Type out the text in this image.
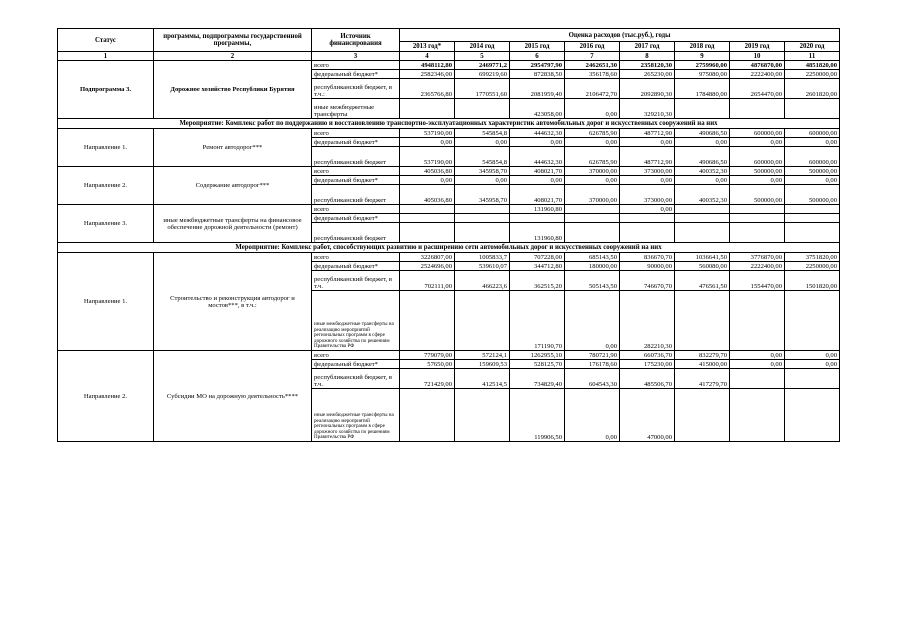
Статус	программы, подпрограммы государственной программы,	Источник финансирования	Оценка расходов (тыс.руб.), годы							
			2013 год*	2014 год	2015 год	2016 год	2017 год	2018 год	2019 год	2020 год
1	2	3	4	5	6	7	8	9	10	11
Подпрограмма 3.	Дорожное хозяйство Республики Бурятия	всего	4948112,80	2469771,2	2954797,90	2462651,30	2358120,30	2759960,00	4876870,00	4851820,00
		федеральный бюджет*	2582346,00	699219,60	872838,50	356178,60	265230,00	975080,00	2222400,00	2250000,00
		республиканский бюджет, в т.ч.:	2365766,80	1770551,60	2081959,40	2106472,70	2092890,30	1784880,00	2654470,00	2601820,00
		иные межбюджетные трансферты			423058,00	0,00	329210,30			
Мероприятие: Комплекс работ по поддержанию и восстановлению транспортно-эксплуатационных характеристик автомобильных дорог и искусственных сооружений на них										
Направление 1.	Ремонт автодорог***	всего	537190,00	545854,8	444632,30	626785,90	487712,90	490686,50	600000,00	600000,00
		федеральный бюджет*	0,00	0,00	0,00	0,00	0,00	0,00	0,00	0,00
		республиканский бюджет	537190,00	545854,8	444632,30	626785,90	487712,90	490686,50	600000,00	600000,00
Направление 2.	Содержание автодорог***	всего	405036,80	345958,70	408021,70	370000,00	373000,00	400352,30	500000,00	500000,00
		федеральный бюджет*	0,00	0,00	0,00	0,00	0,00	0,00	0,00	0,00
		республиканский бюджет	405036,80	345958,70	408021,70	370000,00	373000,00	400352,30	500000,00	500000,00
Направление 3.	иные межбюджетные трансферты на финансовое обеспечение дорожной деятельности (ремонт)	всего			131960,80		0,00			
		федеральный бюджет*								
		республиканский бюджет			131960,80					
Мероприятие: Комплекс работ, способствующих развитию и расширению сети автомобильных дорог и искусственных сооружений на них										
Направление 1.	Строительство и реконструкция автодорог и мостов***, в т.ч.:	всего	3226807,00	1005833,7	707228,00	685143,50	836670,70	1036641,50	3776870,00	3751820,00
		федеральный бюджет*	2524696,00	539610,07	344712,80	180000,00	90000,00	560080,00	2222400,00	2250000,00
		республиканский бюджет, в т.ч.	702111,00	466223,6	362515,20	505143,50	746670,70	476561,50	1554470,00	1501820,00
		иные межбюджетные трансферты на реализацию мероприятий региональных программ в сфере дорожного хозяйства по решениям Правительства РФ			171190,70	0,00	282210,30			
Направление 2.	Субсидии МО на дорожную деятельность****	всего	779079,00	572124,1	1262955,10	780721,90	660736,70	832279,70	0,00	0,00
		федеральный бюджет*	57650,00	159609,53	528125,70	176178,60	175230,00	415000,00	0,00	0,00
		республиканский бюджет, в т.ч.	721429,00	412514,5	734829,40	604543,30	485506,70	417279,70		
		иные межбюджетные трансферты на реализацию мероприятий региональных программ в сфере дорожного хозяйства по решениям Правительства РФ			119906,50	0,00	47000,00			
